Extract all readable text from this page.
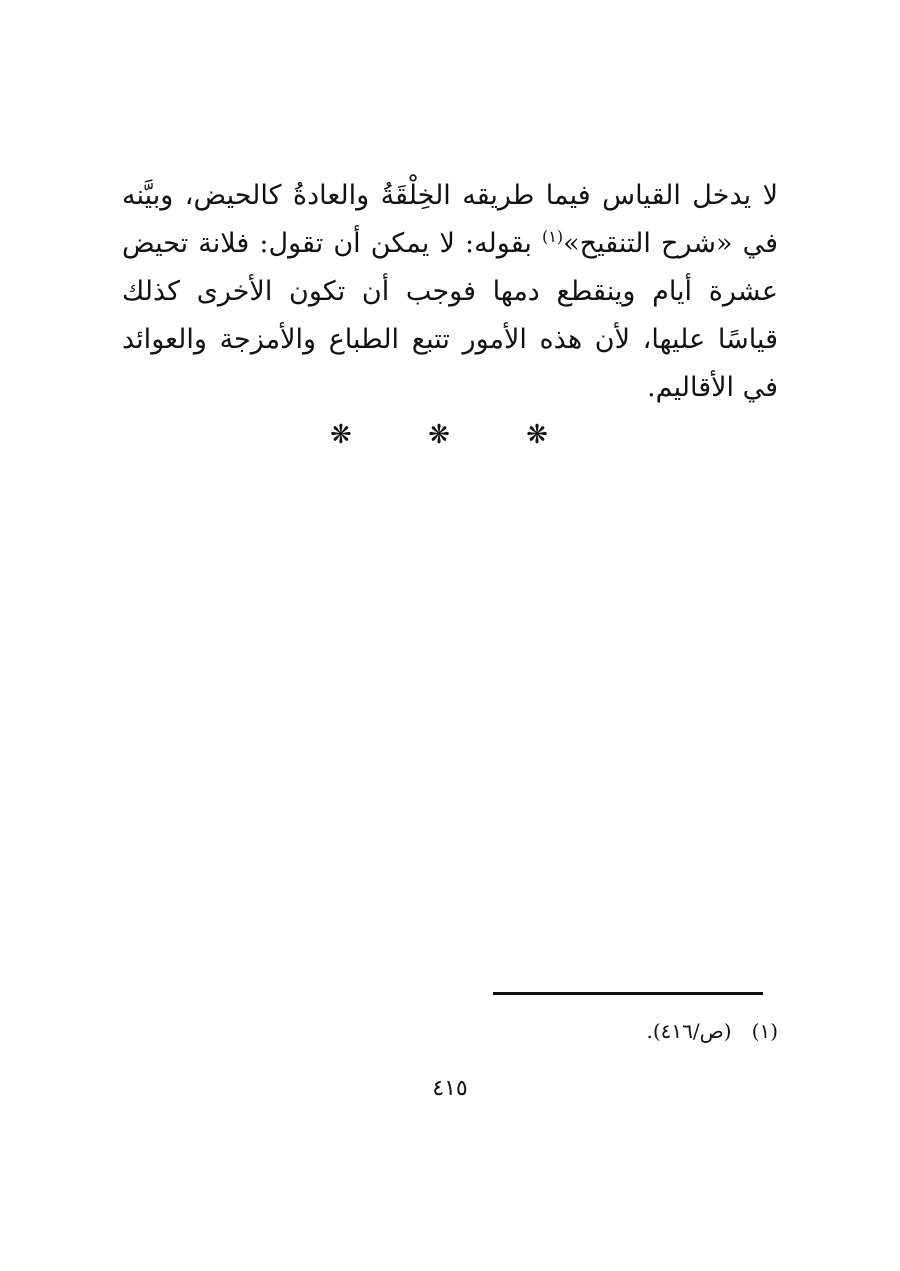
لا يدخل القياس فيما طريقه الخِلْقَةُ والعادةُ كالحيض، وبيَّنه في «شرح التنقيح»$^{(١)}$ بقوله: لا يمكن أن تقول: فلانة تحيض عشرة أيام وينقطع دمها فوجب أن تكون الأخرى كذلك قياسًا عليها، لأن هذه الأمور تتبع الطباع والأمزجة والعوائد في الأقاليم.

❋ ❋ ❋
(١)(ص/٤١٦).
٤١٥
